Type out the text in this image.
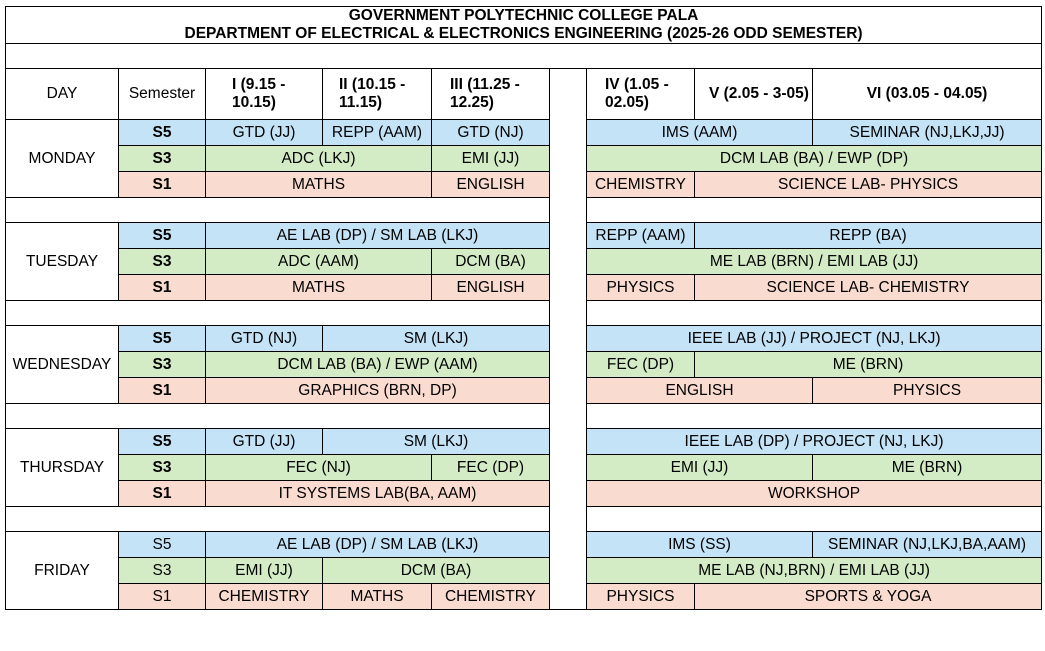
GOVERNMENT POLYTECHNIC COLLEGE PALA
DEPARTMENT OF ELECTRICAL & ELECTRONICS ENGINEERING (2025-26 ODD SEMESTER)								

DAY	Semester	I (9.15 - 10.15)	II (10.15 - 11.15)	III (11.25 - 12.25)		IV (1.05 - 02.05)	V (2.05 - 3-05)	VI (03.05 - 04.05)
MONDAY	S5	GTD (JJ)	REPP (AAM)	GTD (NJ)		IMS (AAM)		SEMINAR (NJ,LKJ,JJ)
	S3	ADC (LKJ)		EMI (JJ)		DCM LAB (BA) / EWP (DP)		
	S1	MATHS		ENGLISH		CHEMISTRY	SCIENCE LAB- PHYSICS	

TUESDAY	S5	AE LAB (DP) / SM LAB (LKJ)				REPP (AAM)	REPP (BA)	
	S3	ADC (AAM)		DCM (BA)		ME LAB (BRN) / EMI LAB (JJ)		
	S1	MATHS		ENGLISH		PHYSICS	SCIENCE LAB- CHEMISTRY	

WEDNESDAY	S5	GTD (NJ)	SM (LKJ)			IEEE LAB (JJ) / PROJECT (NJ, LKJ)		
	S3	DCM LAB (BA) / EWP (AAM)				FEC (DP)	ME (BRN)	
	S1	GRAPHICS (BRN, DP)				ENGLISH		PHYSICS

THURSDAY	S5	GTD (JJ)	SM (LKJ)			IEEE LAB (DP) / PROJECT (NJ, LKJ)		
	S3	FEC (NJ)		FEC (DP)		EMI (JJ)		ME (BRN)
	S1	IT SYSTEMS LAB(BA, AAM)				WORKSHOP		

FRIDAY	S5	AE LAB (DP) / SM LAB (LKJ)				IMS (SS)		SEMINAR (NJ,LKJ,BA,AAM)
	S3	EMI (JJ)	DCM (BA)			ME LAB (NJ,BRN) / EMI LAB (JJ)		
	S1	CHEMISTRY	MATHS	CHEMISTRY		PHYSICS	SPORTS & YOGA	
